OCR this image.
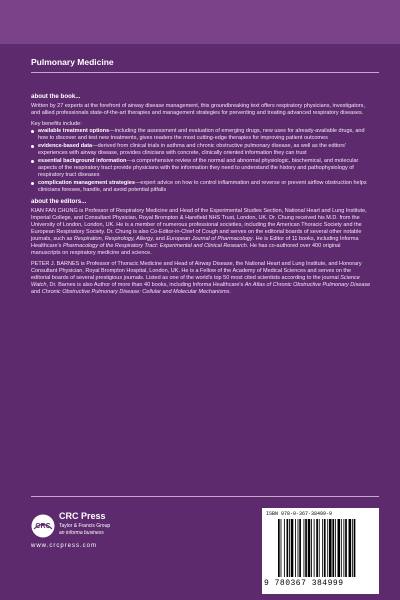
Pulmonary Medicine
about the book...
Written by 27 experts at the forefront of airway disease management, this groundbreaking text offers respiratory physicians, investigators, and allied professionals state-of-the-art therapies and management strategies for preventing and treating advanced respiratory diseases.
Key benefits include:
available treatment options—including the assessment and evaluation of emerging drugs, new uses for already-available drugs, and how to discover and test new treatments, gives readers the most cutting-edge therapies for improving patient outcomes
evidence-based data—derived from clinical trials in asthma and chronic obstructive pulmonary disease, as well as the editors' experiences with airway disease, provides clinicians with concrete, clinically oriented information they can trust
essential background information—a comprehensive review of the normal and abnormal physiologic, biochemical, and molecular aspects of the respiratory tract provide physicians with the information they need to understand the history and pathophysiology of respiratory tract diseases
complication management strategies—expert advice on how to control inflammation and reverse or prevent airflow obstruction helps clinicians foresee, handle, and avoid potential pitfalls
about the editors...
KIAN FAN CHUNG is Professor of Respiratory Medicine and Head of the Experimental Studies Section, National Heart and Lung Institute, Imperial College, and Consultant Physician, Royal Brompton & Harefield NHS Trust, London, UK. Dr. Chung received his M.D. from the University of London, London, UK. He is a member of numerous professional societies, including the American Thoracic Society and the European Respiratory Society. Dr. Chung is also Co-Editor-in-Chief of Cough and serves on the editorial boards of several other notable journals, such as Respiration, Respirology, Allergy, and European Journal of Pharmacology. He is Editor of 11 books, including Informa Healthcare's Pharmacology of the Respiratory Tract: Experimental and Clinical Research. He has co-authored over 400 original manuscripts on respiratory medicine and science.
PETER J. BARNES is Professor of Thoracic Medicine and Head of Airway Disease, the National Heart and Lung Institute, and Honorary Consultant Physician, Royal Brompton Hospital, London, UK. He is a Fellow of the Academy of Medical Sciences and serves on the editorial boards of several prestigious journals. Listed as one of the world's top 50 most cited scientists according to the journal Science Watch, Dr. Barnes is also Author of more than 40 books, including Informa Healthcare's An Atlas of Chronic Obstructive Pulmonary Disease and Chronic Obstructive Pulmonary Disease: Cellular and Molecular Mechanisms.
CRC
CRC Press
Taylor & Francis Group
an informa business
www.crcpress.com
ISBN 978-0-367-38499-9
9 780367 384999
